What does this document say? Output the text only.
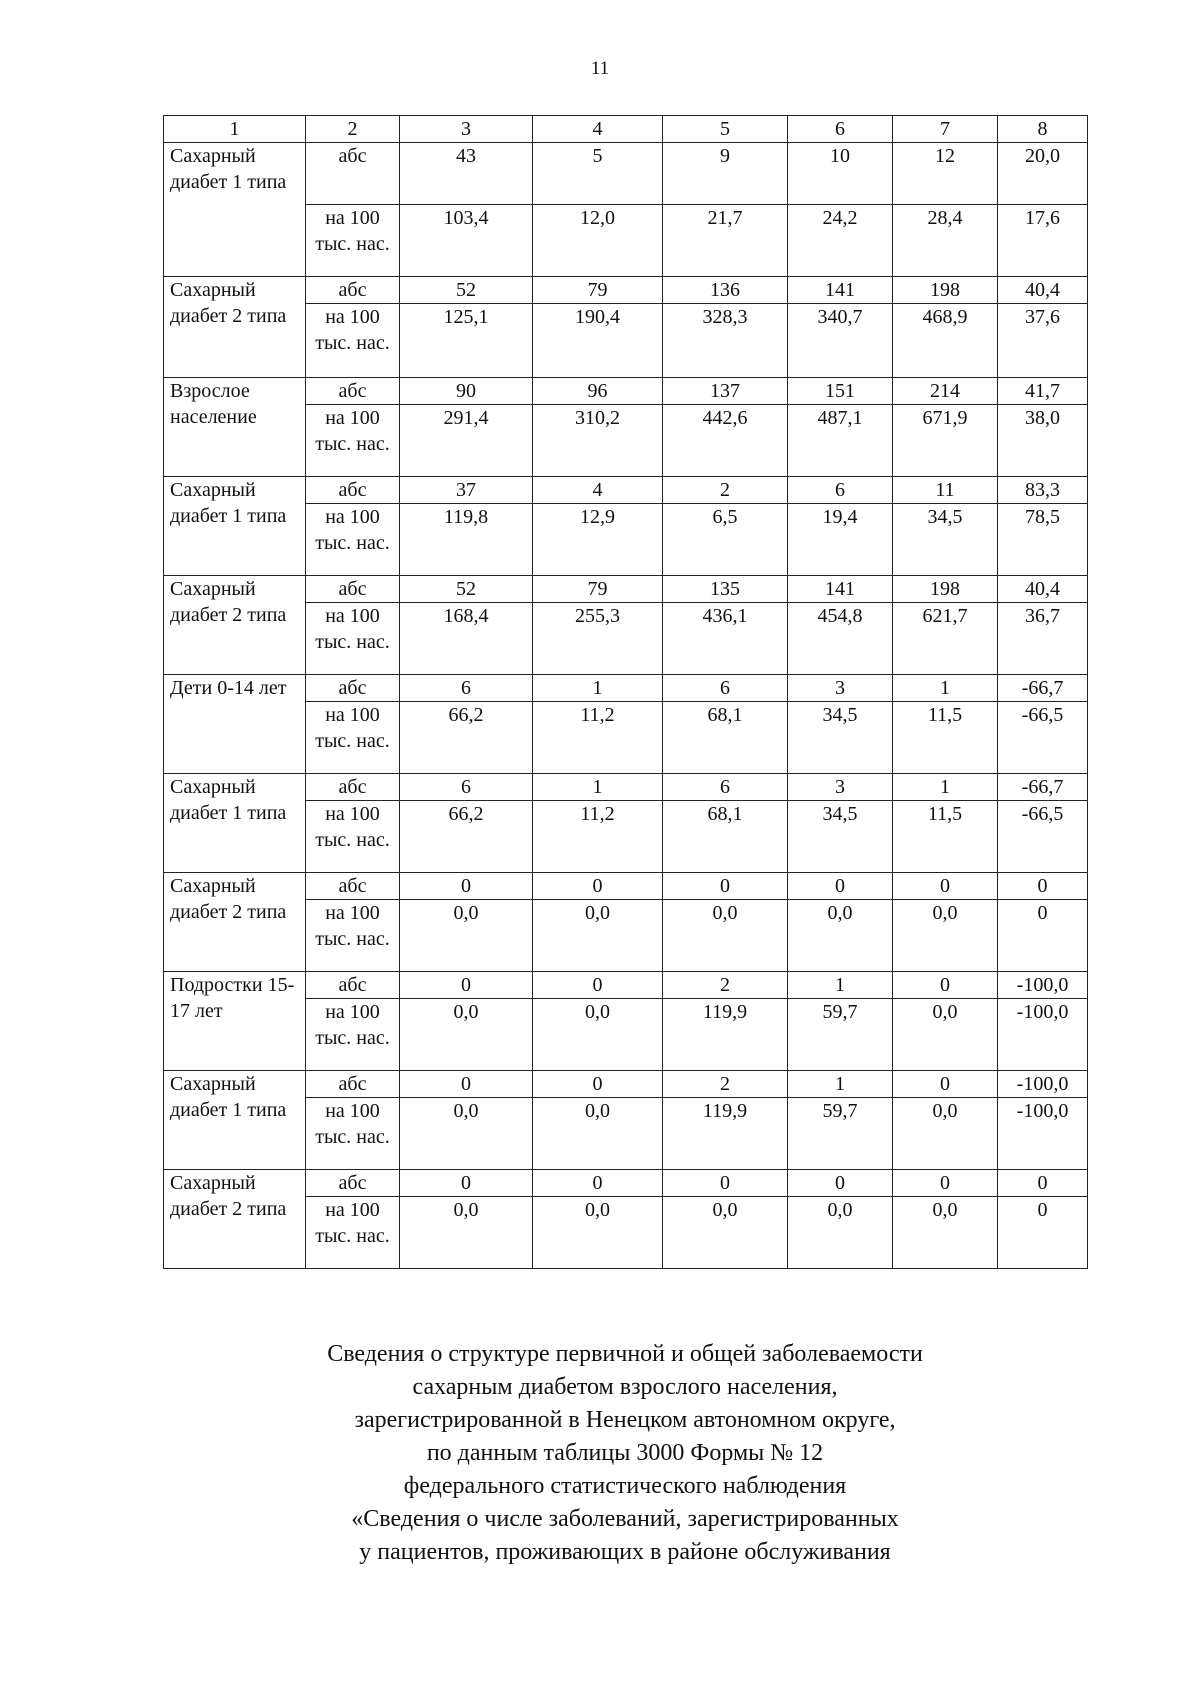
11
1	2	3	4	5	6	7	8
Сахарный диабет 1 типа	абс	43	5	9	10	12	20,0
	на 100 тыс. нас.	103,4	12,0	21,7	24,2	28,4	17,6
Сахарный диабет 2 типа	абс	52	79	136	141	198	40,4
	на 100 тыс. нас.	125,1	190,4	328,3	340,7	468,9	37,6
Взрослое население	абс	90	96	137	151	214	41,7
	на 100 тыс. нас.	291,4	310,2	442,6	487,1	671,9	38,0
Сахарный диабет 1 типа	абс	37	4	2	6	11	83,3
	на 100 тыс. нас.	119,8	12,9	6,5	19,4	34,5	78,5
Сахарный диабет 2 типа	абс	52	79	135	141	198	40,4
	на 100 тыс. нас.	168,4	255,3	436,1	454,8	621,7	36,7
Дети 0-14 лет	абс	6	1	6	3	1	-66,7
	на 100 тыс. нас.	66,2	11,2	68,1	34,5	11,5	-66,5
Сахарный диабет 1 типа	абс	6	1	6	3	1	-66,7
	на 100 тыс. нас.	66,2	11,2	68,1	34,5	11,5	-66,5
Сахарный диабет 2 типа	абс	0	0	0	0	0	0
	на 100 тыс. нас.	0,0	0,0	0,0	0,0	0,0	0
Подростки 15-17 лет	абс	0	0	2	1	0	-100,0
	на 100 тыс. нас.	0,0	0,0	119,9	59,7	0,0	-100,0
Сахарный диабет 1 типа	абс	0	0	2	1	0	-100,0
	на 100 тыс. нас.	0,0	0,0	119,9	59,7	0,0	-100,0
Сахарный диабет 2 типа	абс	0	0	0	0	0	0
	на 100 тыс. нас.	0,0	0,0	0,0	0,0	0,0	0
Сведения о структуре первичной и общей заболеваемости
сахарным диабетом взрослого населения,
зарегистрированной в Ненецком автономном округе,
по данным таблицы 3000 Формы № 12
федерального статистического наблюдения
«Сведения о числе заболеваний, зарегистрированных
у пациентов, проживающих в районе обслуживания
